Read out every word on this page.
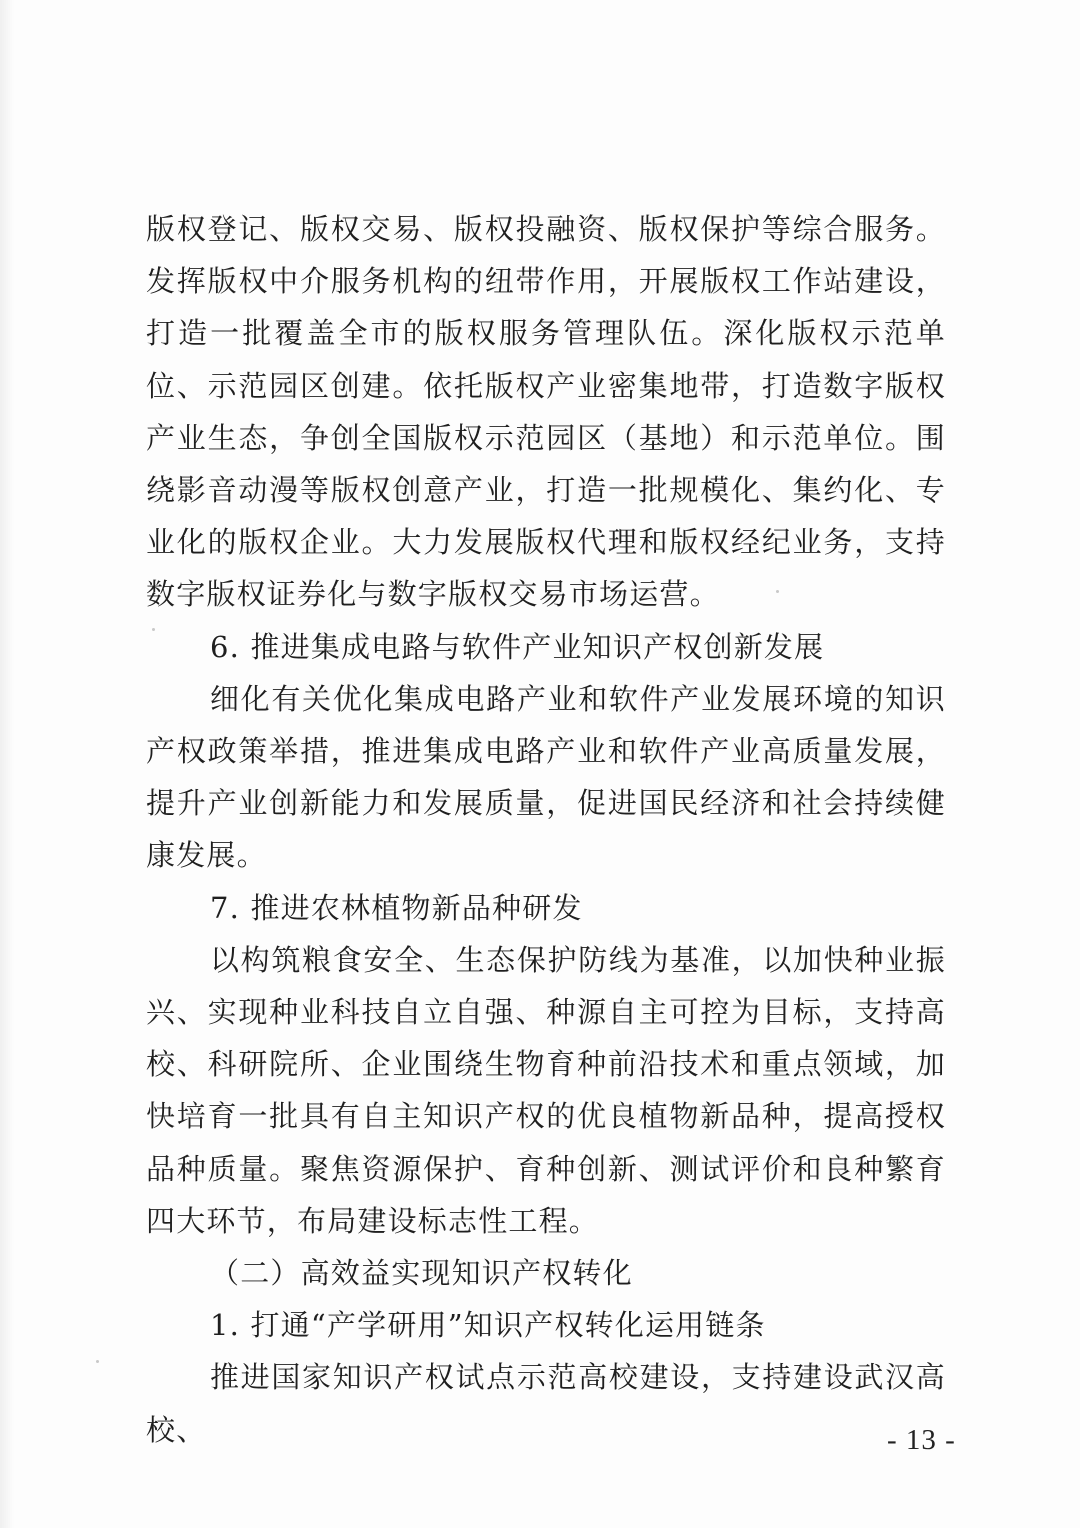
版权登记、版权交易、版权投融资、版权保护等综合服务。发挥版权中介服务机构的纽带作用，开展版权工作站建设，打造一批覆盖全市的版权服务管理队伍。深化版权示范单位、示范园区创建。依托版权产业密集地带，打造数字版权产业生态，争创全国版权示范园区（基地）和示范单位。围绕影音动漫等版权创意产业，打造一批规模化、集约化、专业化的版权企业。大力发展版权代理和版权经纪业务，支持数字版权证券化与数字版权交易市场运营。

6. 推进集成电路与软件产业知识产权创新发展

细化有关优化集成电路产业和软件产业发展环境的知识产权政策举措，推进集成电路产业和软件产业高质量发展，提升产业创新能力和发展质量，促进国民经济和社会持续健康发展。

7. 推进农林植物新品种研发

以构筑粮食安全、生态保护防线为基准，以加快种业振兴、实现种业科技自立自强、种源自主可控为目标，支持高校、科研院所、企业围绕生物育种前沿技术和重点领域，加快培育一批具有自主知识产权的优良植物新品种，提高授权品种质量。聚焦资源保护、育种创新、测试评价和良种繁育四大环节，布局建设标志性工程。

（二）高效益实现知识产权转化

1. 打通“产学研用”知识产权转化运用链条

推进国家知识产权试点示范高校建设，支持建设武汉高校、	- 13 -
